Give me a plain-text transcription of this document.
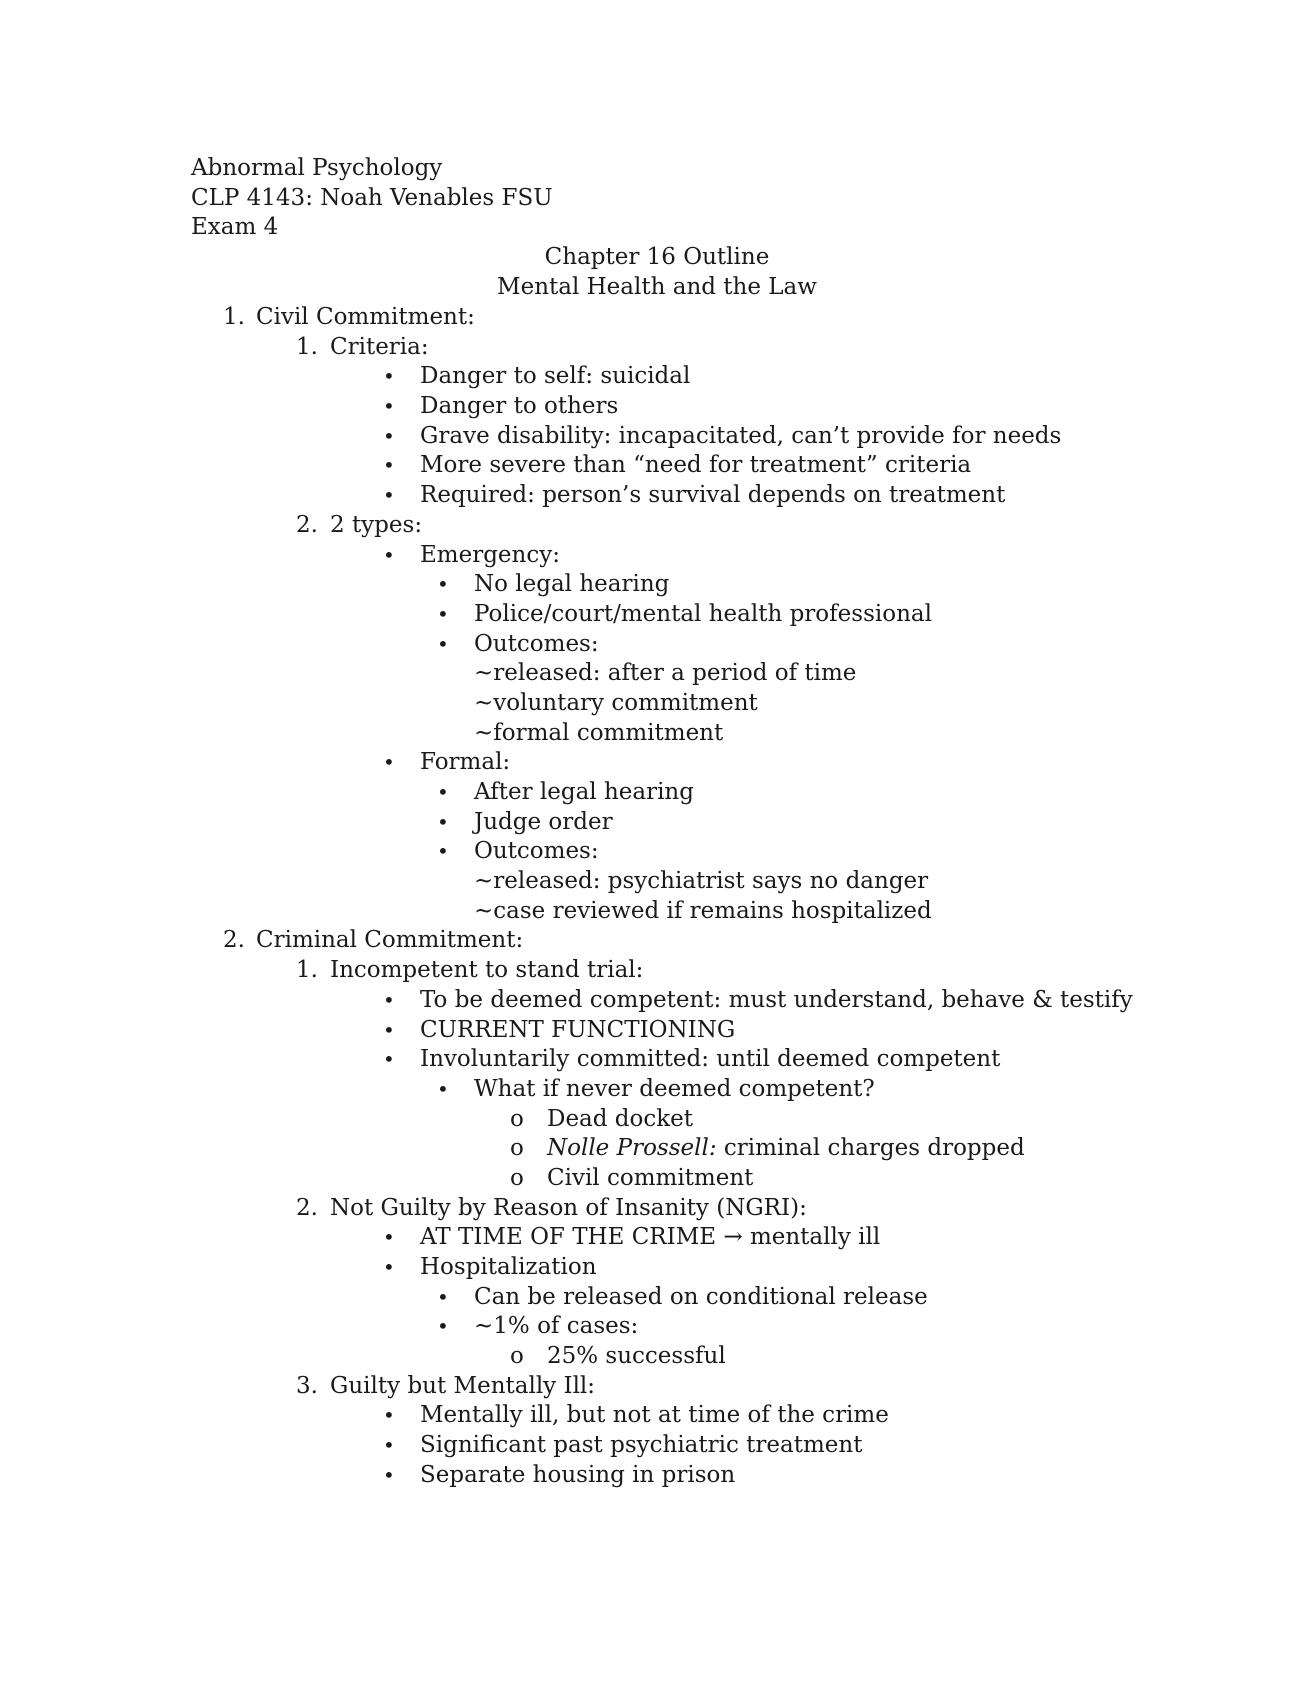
Abnormal Psychology
CLP 4143: Noah Venables FSU
Exam 4
Chapter 16 Outline
Mental Health and the Law
1. Civil Commitment:
1. Criteria:
• Danger to self: suicidal
• Danger to others
• Grave disability: incapacitated, can’t provide for needs
• More severe than “need for treatment” criteria
• Required: person’s survival depends on treatment
2. 2 types:
• Emergency:
• No legal hearing
• Police/court/mental health professional
• Outcomes:
~released: after a period of time
~voluntary commitment
~formal commitment
• Formal:
• After legal hearing
• Judge order
• Outcomes:
~released: psychiatrist says no danger
~case reviewed if remains hospitalized
2. Criminal Commitment:
1. Incompetent to stand trial:
• To be deemed competent: must understand, behave & testify
• CURRENT FUNCTIONING
• Involuntarily committed: until deemed competent
• What if never deemed competent?
o Dead docket
o Nolle Prossell: criminal charges dropped
o Civil commitment
2. Not Guilty by Reason of Insanity (NGRI):
• AT TIME OF THE CRIME → mentally ill
• Hospitalization
• Can be released on conditional release
• ~1% of cases:
o 25% successful
3. Guilty but Mentally Ill:
• Mentally ill, but not at time of the crime
• Significant past psychiatric treatment
• Separate housing in prison
